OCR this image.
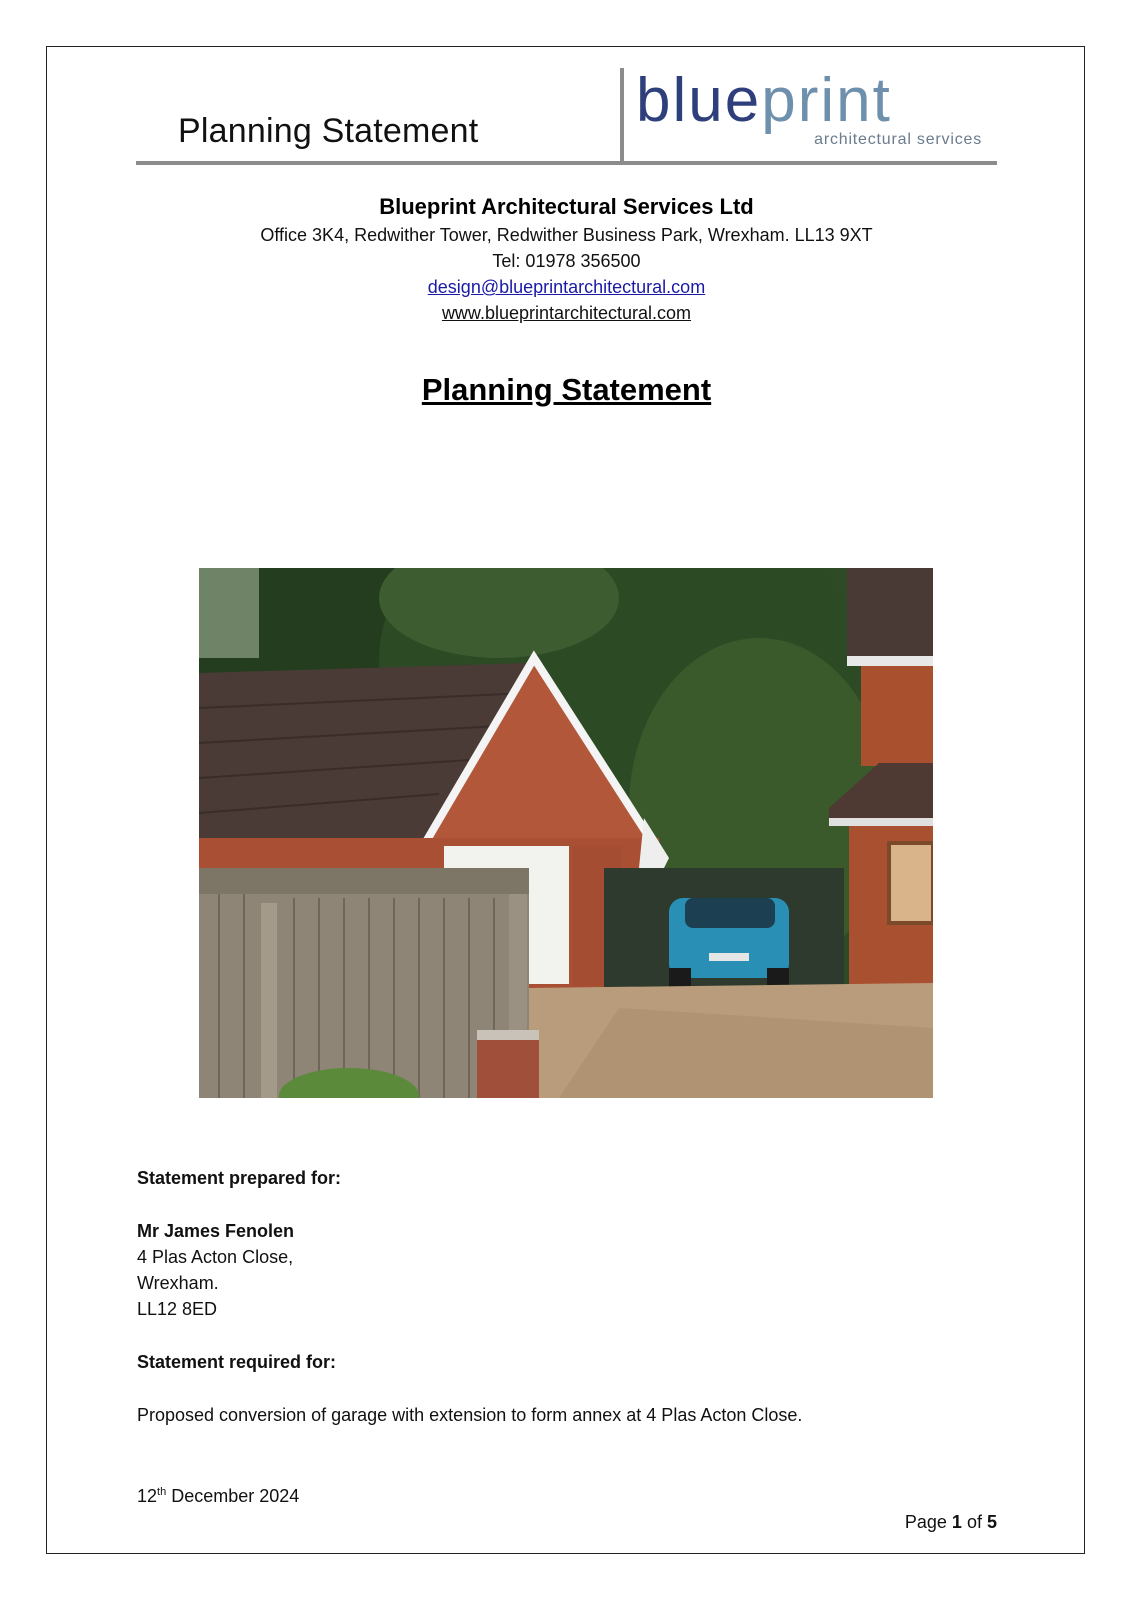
Planning Statement	blueprint
architectural services
Blueprint Architectural Services Ltd
Office 3K4, Redwither Tower, Redwither Business Park, Wrexham. LL13 9XT
Tel: 01978 356500
design@blueprintarchitectural.com
www.blueprintarchitectural.com
Planning Statement
Statement prepared for:
Mr James Fenolen
4 Plas Acton Close,
Wrexham.
LL12 8ED
Statement required for:
Proposed conversion of garage with extension to form annex at 4 Plas Acton Close.
12th December 2024
Page 1 of 5
